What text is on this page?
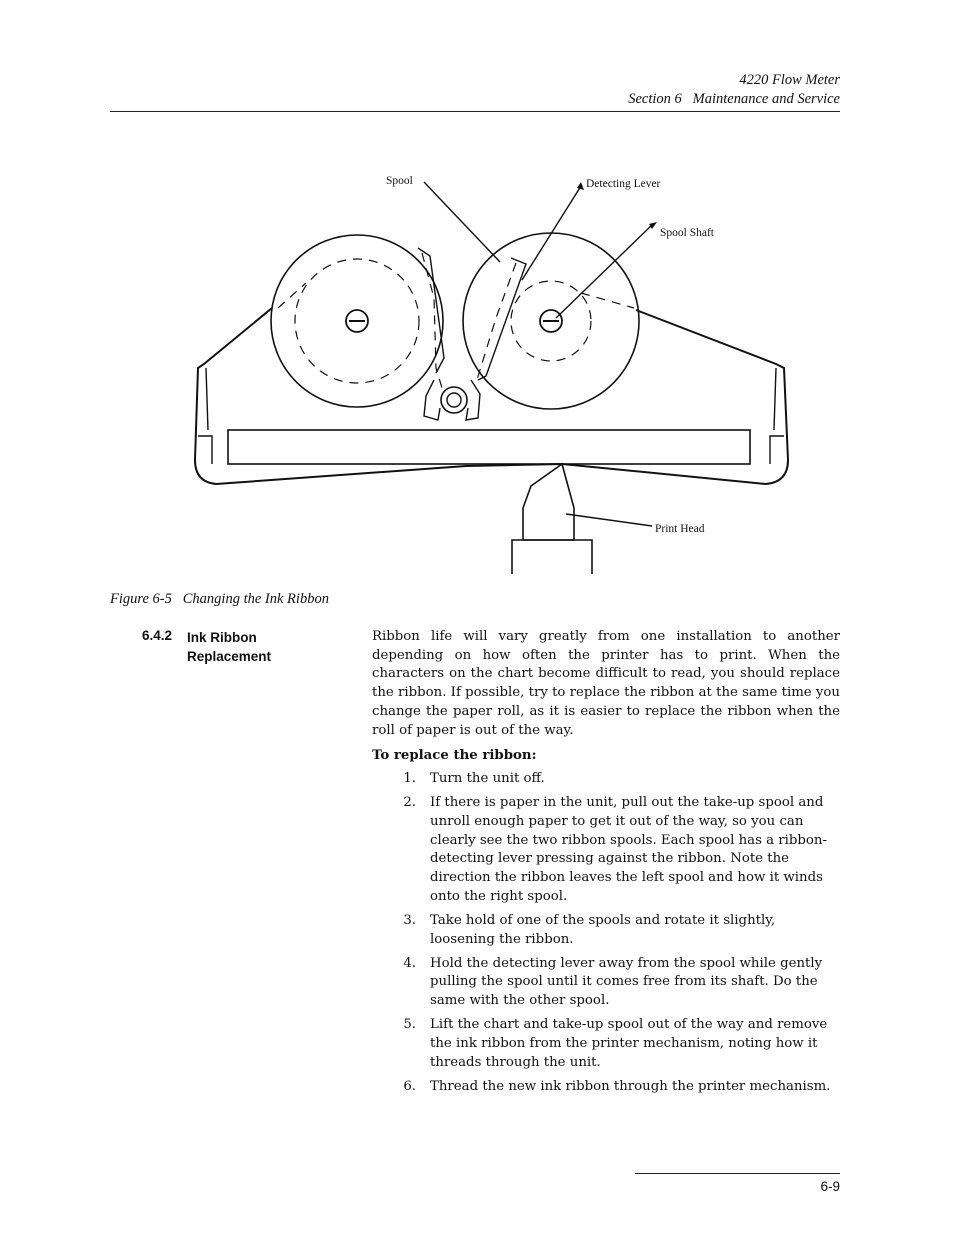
4220 Flow Meter
Section 6   Maintenance and Service
Spool	Detecting Lever
Spool Shaft
Print Head
Figure 6-5   Changing the Ink Ribbon
6.4.2 Ink Ribbon
Replacement

Ribbon life will vary greatly from one installation to another depending on how often the printer has to print. When the characters on the chart become difficult to read, you should replace the ribbon. If possible, try to replace the ribbon at the same time you change the paper roll, as it is easier to replace the ribbon when the roll of paper is out of the way.

To replace the ribbon:

1.	Turn the unit off.
2.	If there is paper in the unit, pull out the take-up spool and unroll enough paper to get it out of the way, so you can clearly see the two ribbon spools. Each spool has a ribbon-detecting lever pressing against the ribbon. Note the direction the ribbon leaves the left spool and how it winds onto the right spool.
3.	Take hold of one of the spools and rotate it slightly, loosening the ribbon.
4.	Hold the detecting lever away from the spool while gently pulling the spool until it comes free from its shaft. Do the same with the other spool.
5.	Lift the chart and take-up spool out of the way and remove the ink ribbon from the printer mechanism, noting how it threads through the unit.
6.	Thread the new ink ribbon through the printer mechanism.
6-9
